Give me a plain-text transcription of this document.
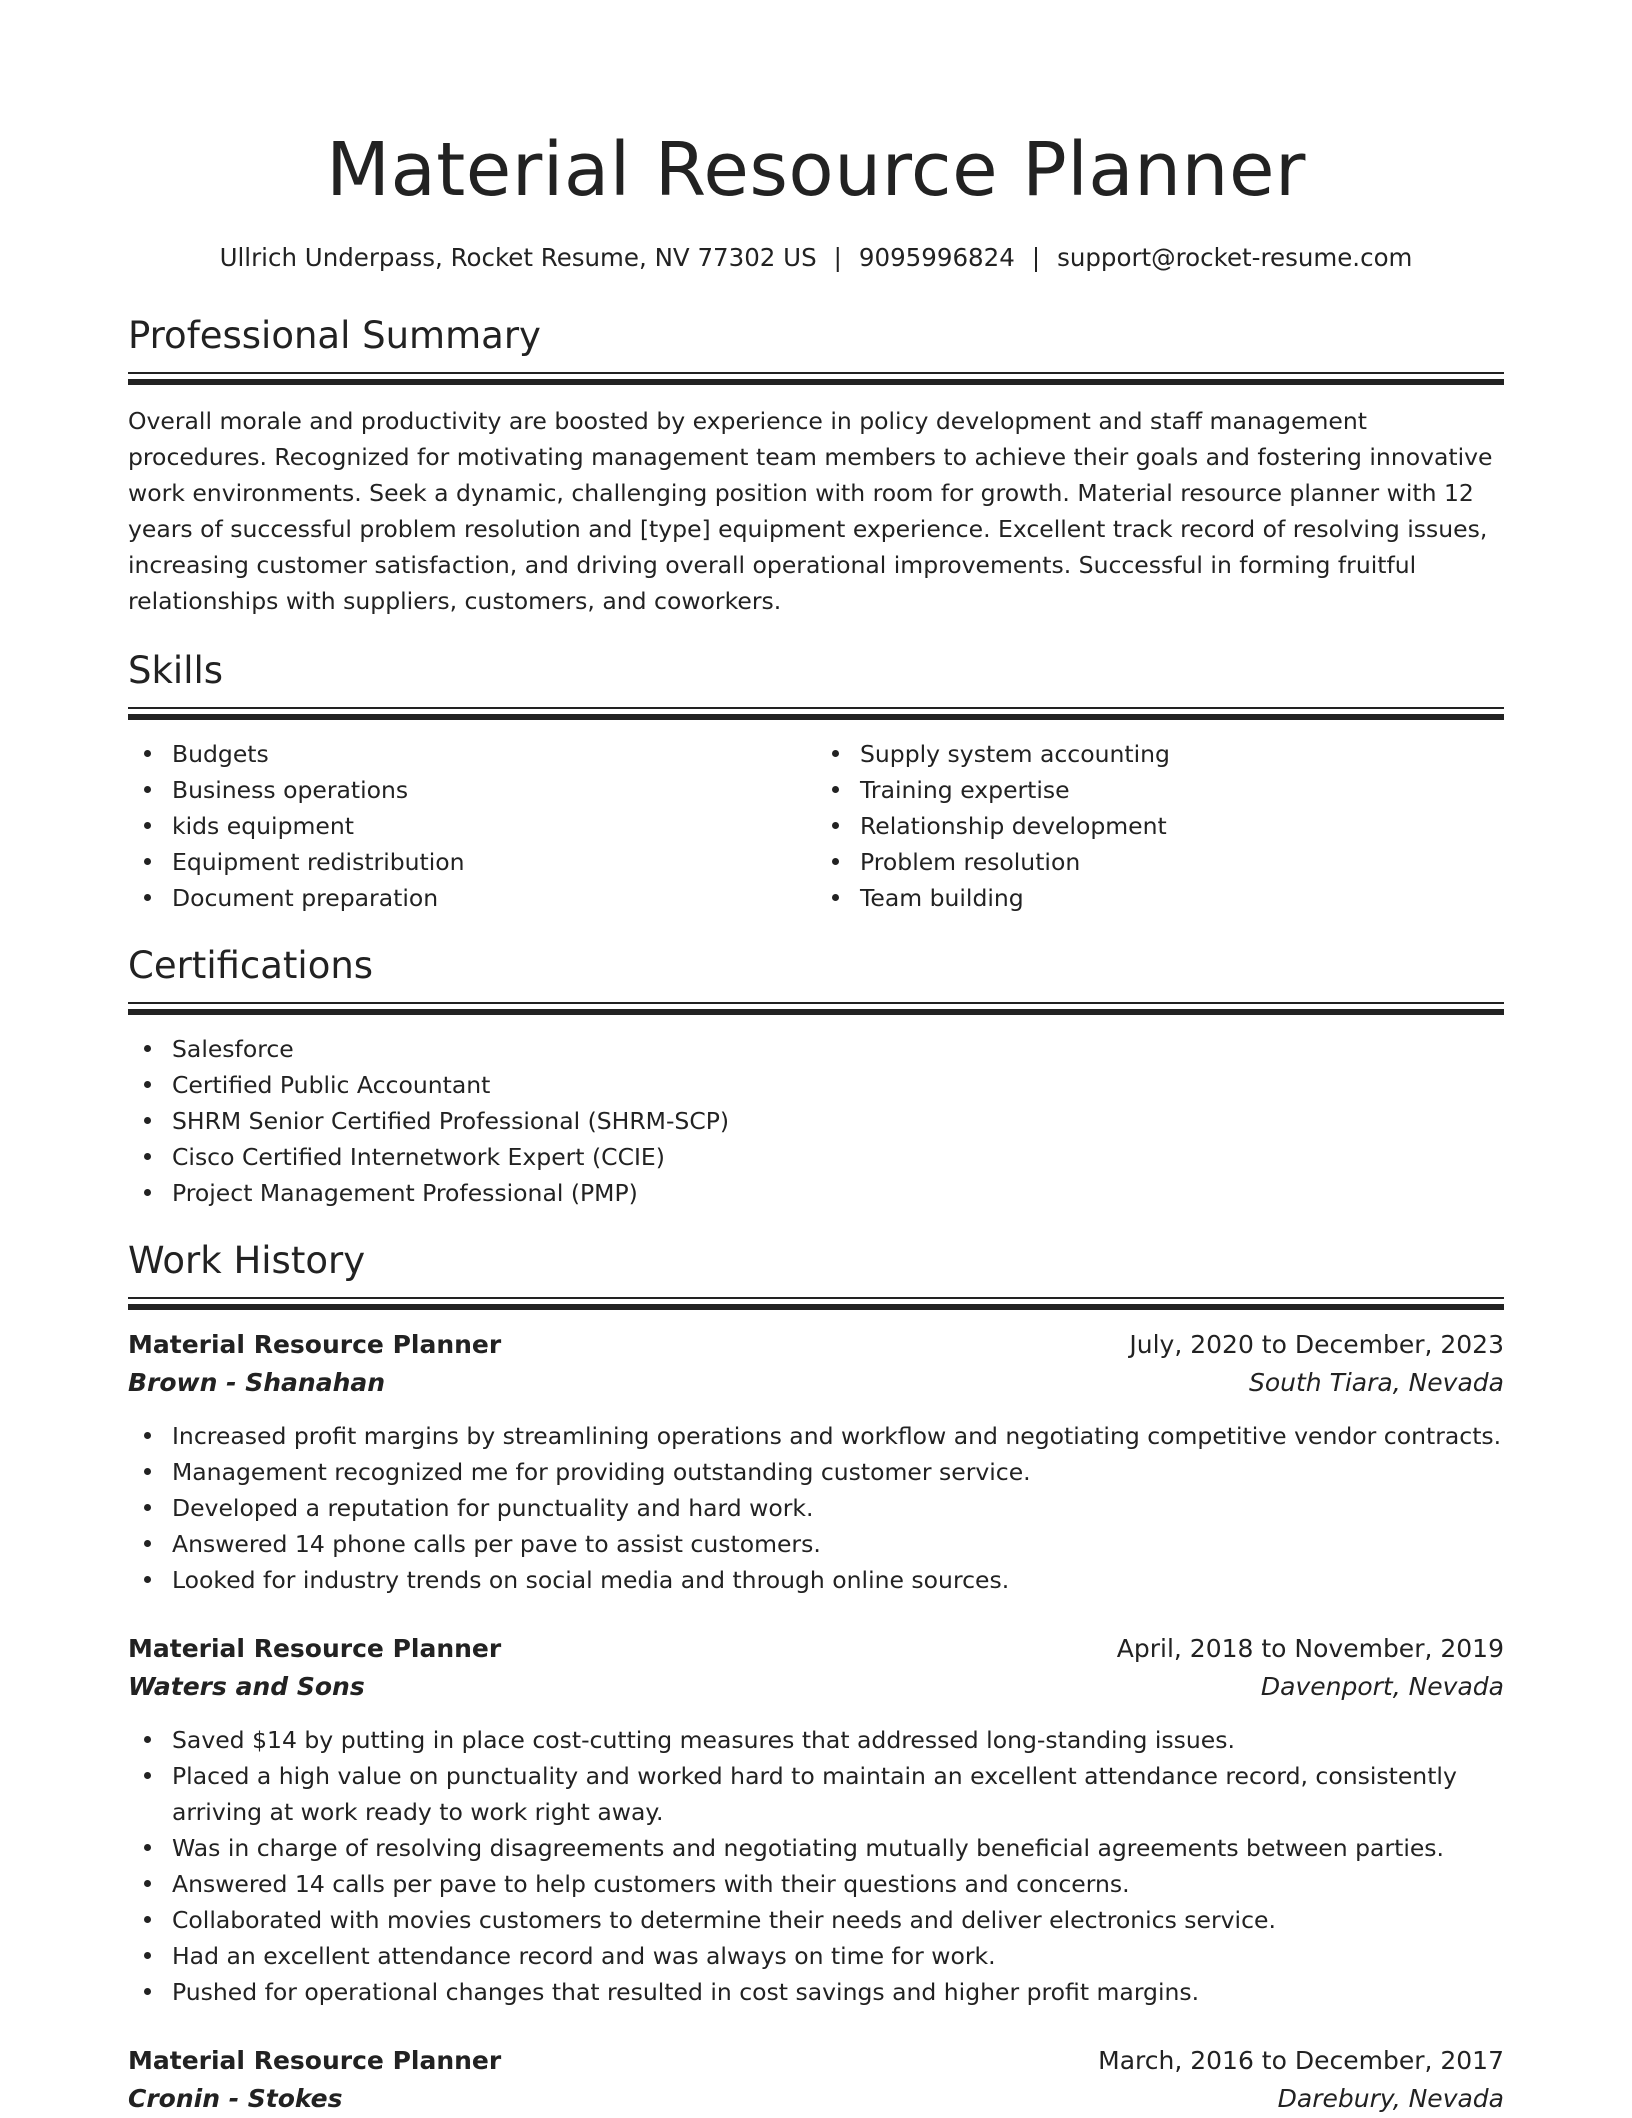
Material Resource Planner
Ullrich Underpass, Rocket Resume, NV 77302 US | 9095996824 | support@rocket-resume.com
Professional Summary

Overall morale and productivity are boosted by experience in policy development and staff management procedures. Recognized for motivating management team members to achieve their goals and fostering innovative work environments. Seek a dynamic, challenging position with room for growth. Material resource planner with 12 years of successful problem resolution and [type] equipment experience. Excellent track record of resolving issues, increasing customer satisfaction, and driving overall operational improvements. Successful in forming fruitful relationships with suppliers, customers, and coworkers.

Skills
Budgets
Business operations
kids equipment
Equipment redistribution
Document preparation
Supply system accounting
Training expertise
Relationship development
Problem resolution
Team building
Certifications
Salesforce
Certified Public Accountant
SHRM Senior Certified Professional (SHRM-SCP)
Cisco Certified Internetwork Expert (CCIE)
Project Management Professional (PMP)
Work History
Material Resource Planner	July, 2020 to December, 2023
Brown - Shanahan	South Tiara, Nevada
Increased profit margins by streamlining operations and workflow and negotiating competitive vendor contracts.
Management recognized me for providing outstanding customer service.
Developed a reputation for punctuality and hard work.
Answered 14 phone calls per pave to assist customers.
Looked for industry trends on social media and through online sources.
Material Resource Planner	April, 2018 to November, 2019
Waters and Sons	Davenport, Nevada
Saved $14 by putting in place cost-cutting measures that addressed long-standing issues.
Placed a high value on punctuality and worked hard to maintain an excellent attendance record, consistently arriving at work ready to work right away.
Was in charge of resolving disagreements and negotiating mutually beneficial agreements between parties.
Answered 14 calls per pave to help customers with their questions and concerns.
Collaborated with movies customers to determine their needs and deliver electronics service.
Had an excellent attendance record and was always on time for work.
Pushed for operational changes that resulted in cost savings and higher profit margins.
Material Resource Planner	March, 2016 to December, 2017
Cronin - Stokes	Darebury, Nevada
